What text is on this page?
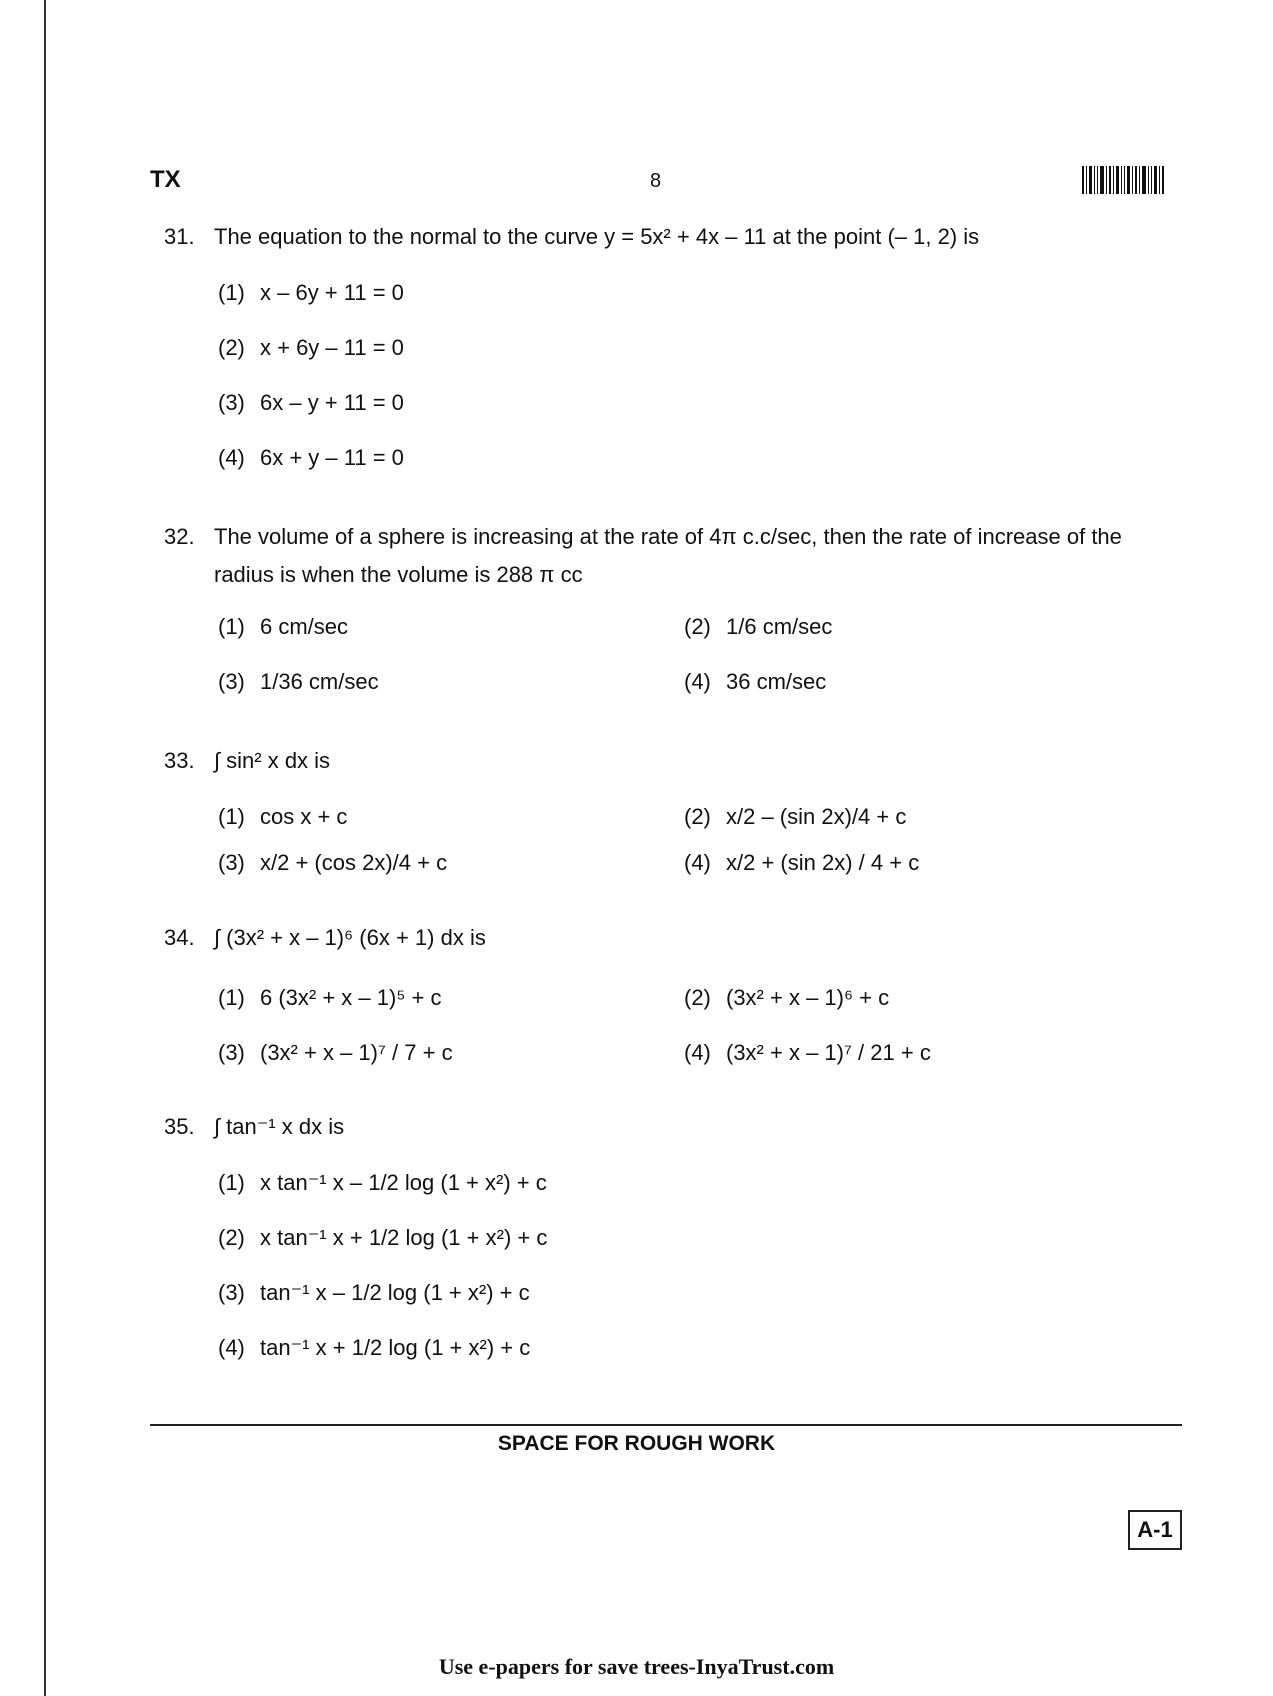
TX	8
31. The equation to the normal to the curve y = 5x² + 4x – 11 at the point (– 1, 2) is
(1) x – 6y + 11 = 0
(2) x + 6y – 11 = 0
(3) 6x – y + 11 = 0
(4) 6x + y – 11 = 0
32. The volume of a sphere is increasing at the rate of 4π c.c/sec, then the rate of increase of the radius is when the volume is 288 π cc
(1) 6 cm/sec	(2) 1/6 cm/sec
(3) 1/36 cm/sec	(4) 36 cm/sec
33. ∫ sin² x dx is
(1) cos x + c	(2) x/2 – (sin 2x)/4 + c
(3) x/2 + (cos 2x)/4 + c	(4) x/2 + (sin 2x) / 4 + c
34. ∫ (3x² + x – 1)⁶ (6x + 1) dx is
(1) 6 (3x² + x – 1)⁵ + c	(2) (3x² + x – 1)⁶ + c
(3) (3x² + x – 1)⁷ / 7 + c	(4) (3x² + x – 1)⁷ / 21 + c
35. ∫ tan⁻¹ x dx is
(1) x tan⁻¹ x – 1/2 log (1 + x²) + c
(2) x tan⁻¹ x + 1/2 log (1 + x²) + c
(3) tan⁻¹ x – 1/2 log (1 + x²) + c
(4) tan⁻¹ x + 1/2 log (1 + x²) + c
SPACE FOR ROUGH WORK
A-1
Use e-papers for save trees-InyaTrust.com
